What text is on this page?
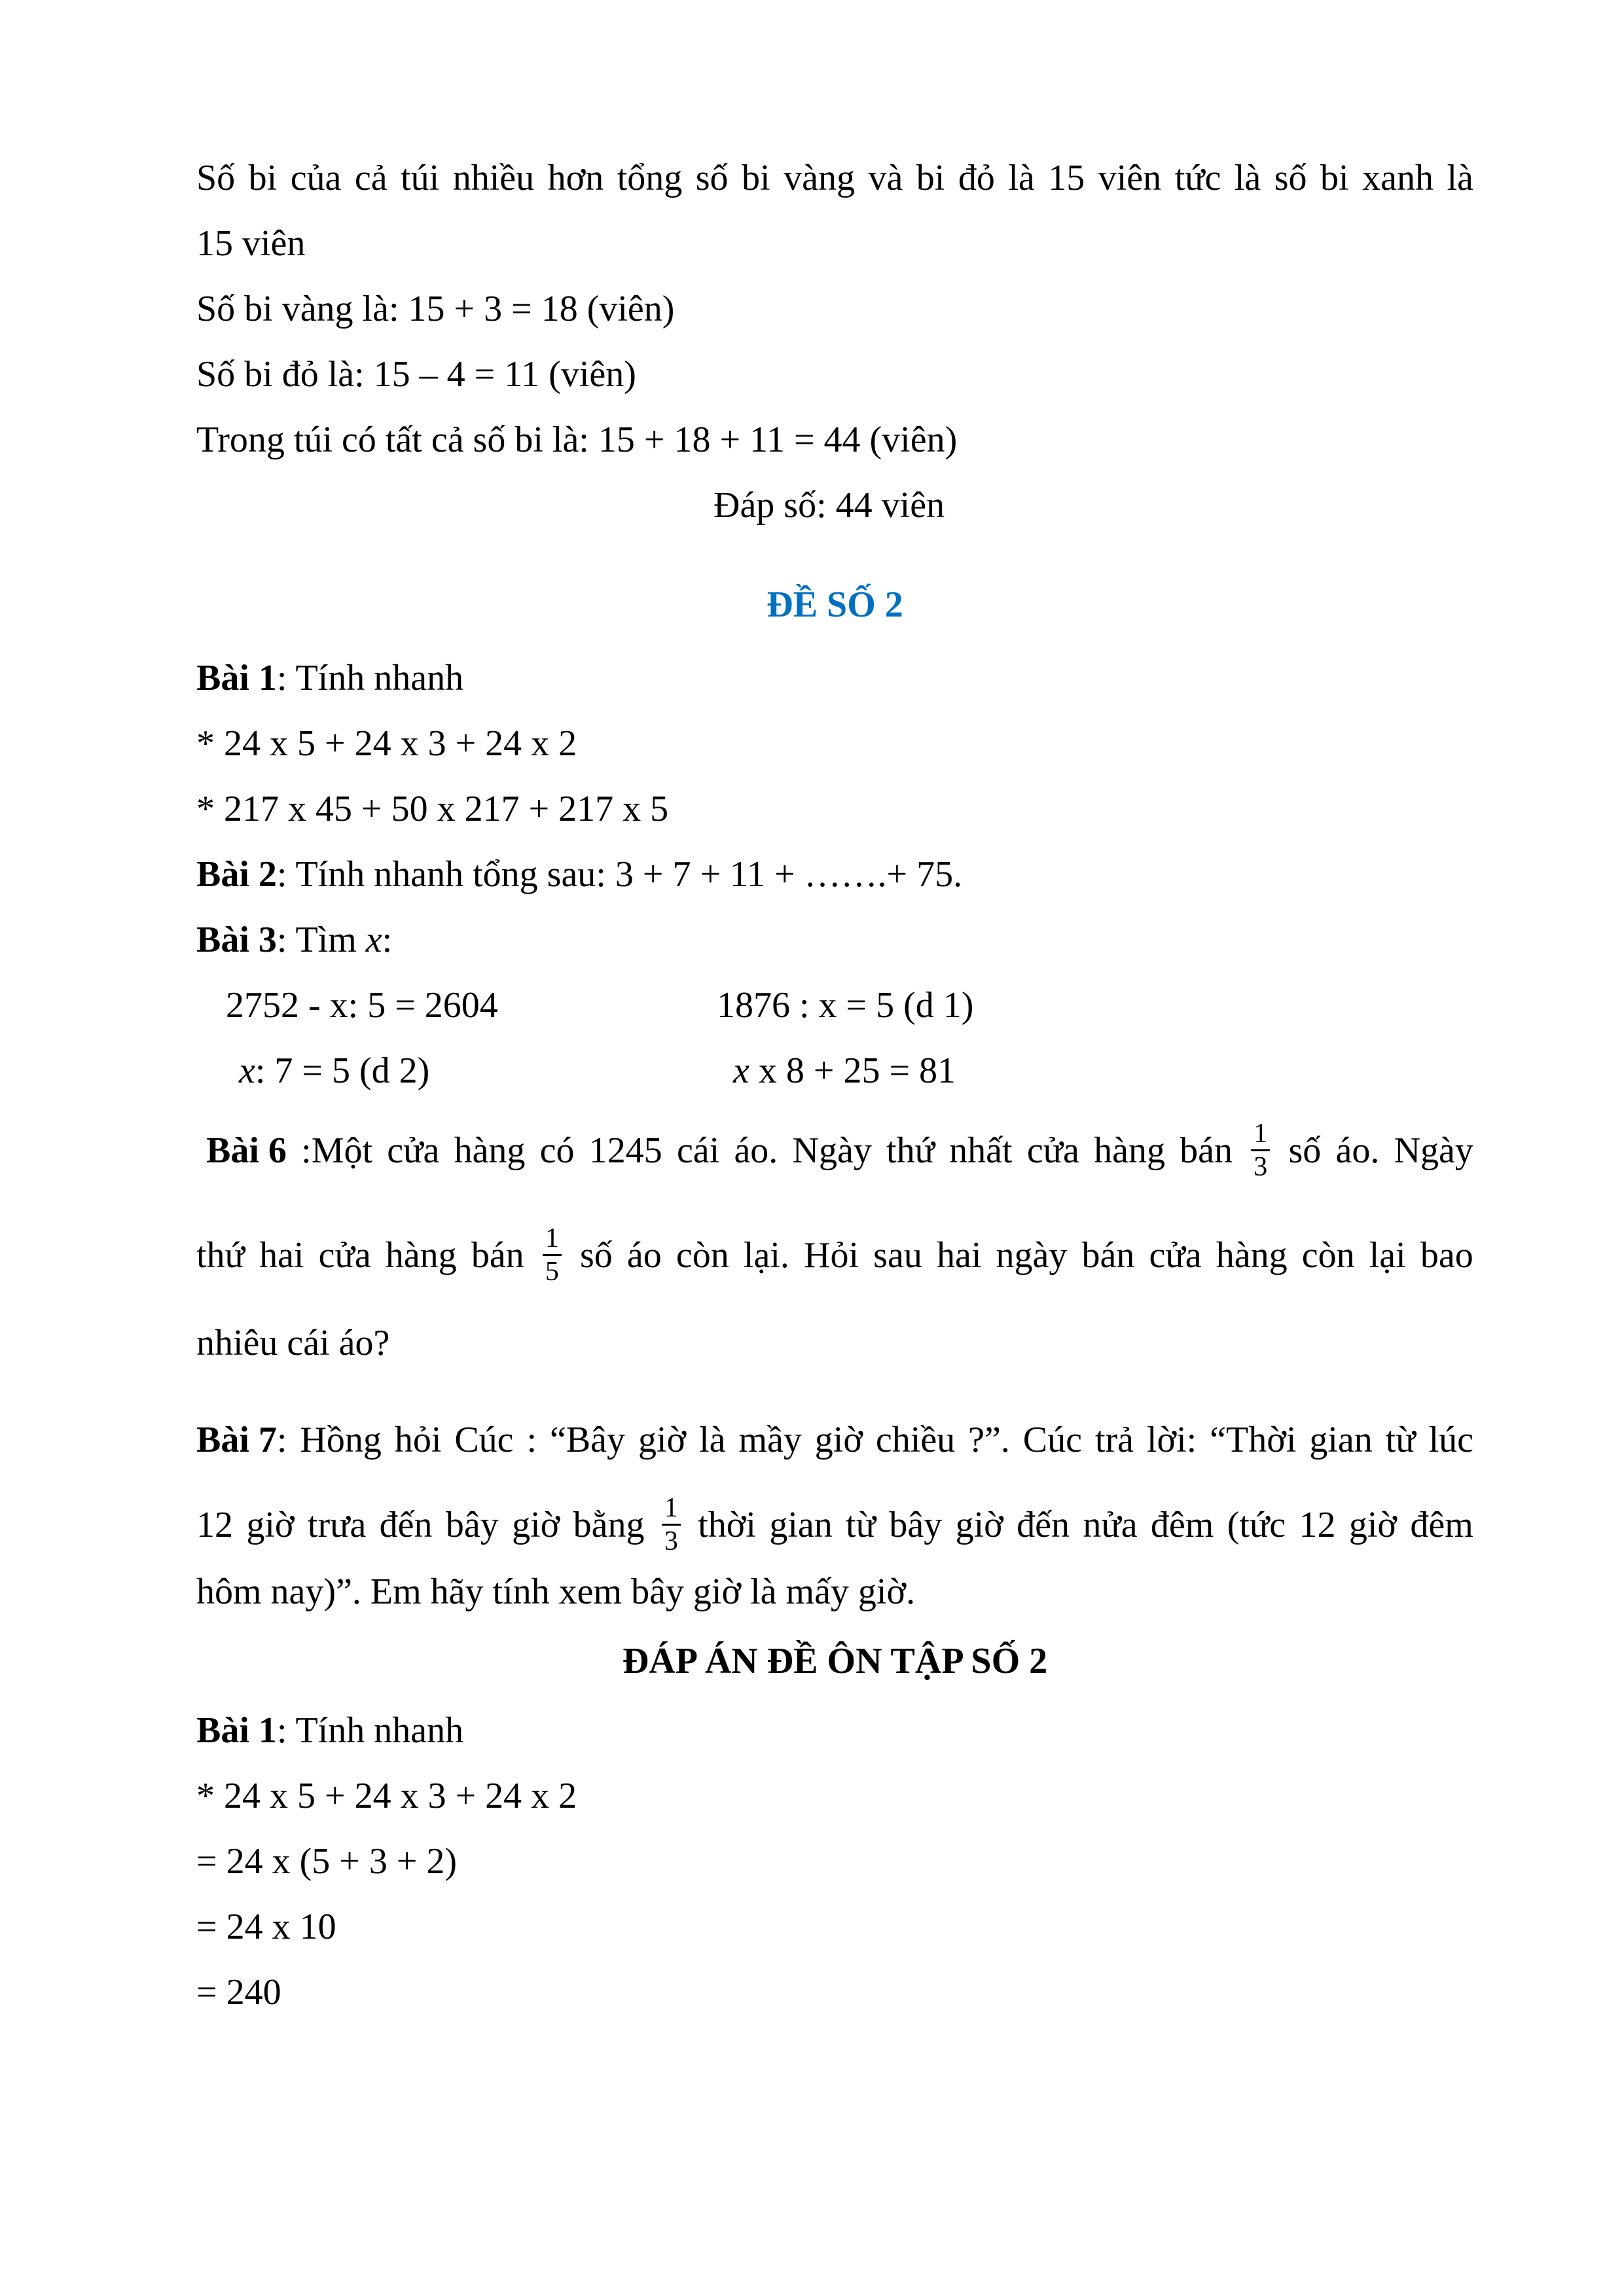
Số bi của cả túi nhiều hơn tổng số bi vàng và bi đỏ là 15 viên tức là số bi xanh là
15 viên
Số bi vàng là: 15 + 3 = 18 (viên)
Số bi đỏ là: 15 – 4 = 11 (viên)
Trong túi có tất cả số bi là: 15 + 18 + 11 = 44 (viên)
Đáp số: 44 viên
ĐỀ SỐ 2
Bài 1: Tính nhanh
* 24 x 5 + 24 x 3 + 24 x 2
* 217 x 45 + 50 x 217 + 217 x 5
Bài 2: Tính nhanh tổng sau: 3 + 7 + 11 + …….+ 75.
Bài 3: Tìm x:
2752 - x: 5 = 2604	1876 : x = 5 (d 1)
x: 7 = 5 (d 2)	x x 8 + 25 = 81
Bài 6 :Một cửa hàng có 1245 cái áo. Ngày thứ nhất cửa hàng bán $\frac{1}{3}$ số áo. Ngày
thứ hai cửa hàng bán $\frac{1}{5}$ số áo còn lại. Hỏi sau hai ngày bán cửa hàng còn lại bao
nhiêu cái áo?
Bài 7: Hồng hỏi Cúc : “Bây giờ là mầy giờ chiều ?”. Cúc trả lời: “Thời gian từ lúc
12 giờ trưa đến bây giờ bằng $\frac{1}{3}$ thời gian từ bây giờ đến nửa đêm (tức 12 giờ đêm
hôm nay)”. Em hãy tính xem bây giờ là mấy giờ.
ĐÁP ÁN ĐỀ ÔN TẬP SỐ 2
Bài 1: Tính nhanh
* 24 x 5 + 24 x 3 + 24 x 2
= 24 x (5 + 3 + 2)
= 24 x 10
= 240
